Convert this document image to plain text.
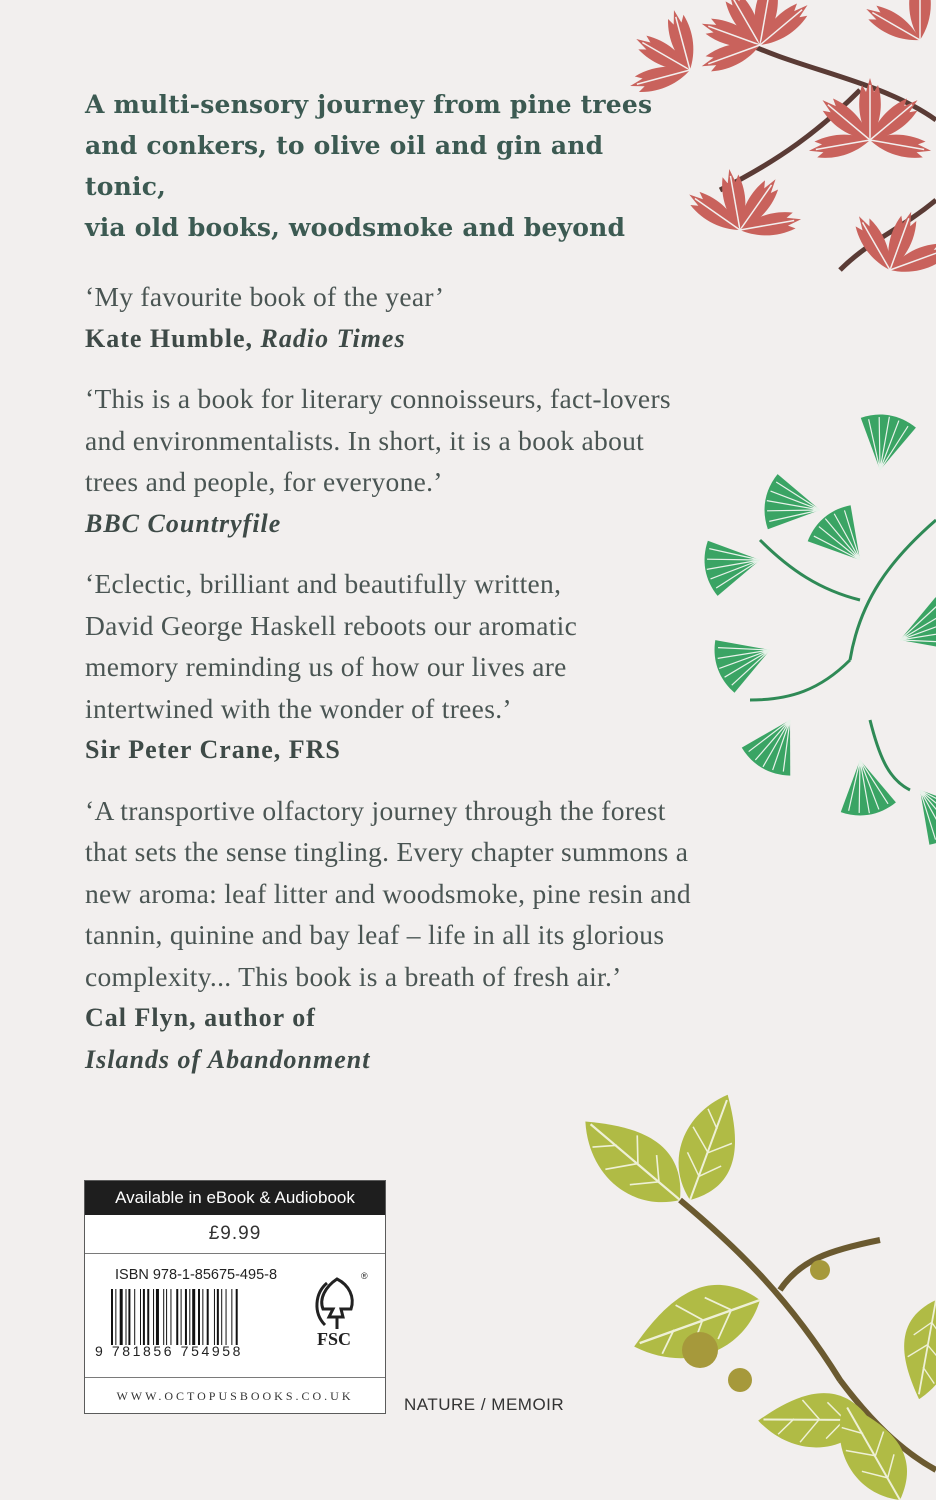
A multi-sensory journey from pine trees
and conkers, to olive oil and gin and tonic,
via old books, woodsmoke and beyond
‘My favourite book of the year’
Kate Humble, Radio Times
‘This is a book for literary connoisseurs, fact-lovers
and environmentalists. In short, it is a book about
trees and people, for everyone.’
BBC Countryfile
‘Eclectic, brilliant and beautifully written,
David George Haskell reboots our aromatic
memory reminding us of how our lives are
intertwined with the wonder of trees.’
Sir Peter Crane, FRS
‘A transportive olfactory journey through the forest
that sets the sense tingling. Every chapter summons a
new aroma: leaf litter and woodsmoke, pine resin and
tannin, quinine and bay leaf – life in all its glorious
complexity... This book is a breath of fresh air.’
Cal Flyn, author of
Islands of Abandonment
Available in eBook & Audiobook
£9.99
ISBN 978-1-85675-495-8
9 781856 754958
FSC
®
WWW.OCTOPUSBOOKS.CO.UK	NATURE / MEMOIR
